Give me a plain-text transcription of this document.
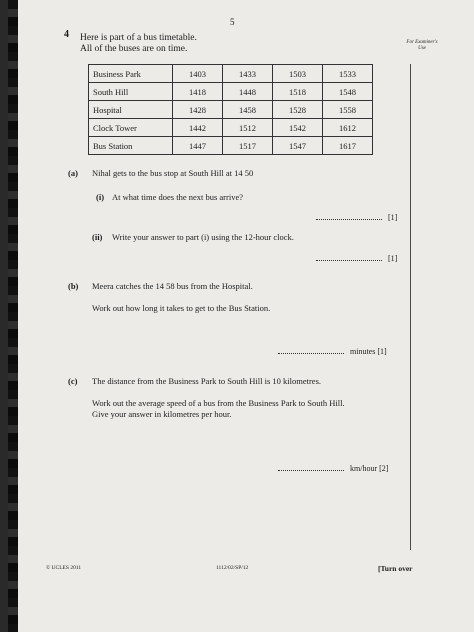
5
4 Here is part of a bus timetable.
All of the buses are on time.
For Examiner's Use
Business Park	1403	1433	1503	1533
South Hill	1418	1448	1518	1548
Hospital	1428	1458	1528	1558
Clock Tower	1442	1512	1542	1612
Bus Station	1447	1517	1547	1617
(a) Nihal gets to the bus stop at South Hill at 14 50
(i) At what time does the next bus arrive?
[1]
(ii) Write your answer to part (i) using the 12-hour clock.
[1]
(b) Meera catches the 14 58 bus from the Hospital.
Work out how long it takes to get to the Bus Station.
minutes [1]
(c) The distance from the Business Park to South Hill is 10 kilometres.
Work out the average speed of a bus from the Business Park to South Hill.
Give your answer in kilometres per hour.
km/hour [2]
© UCLES 2011	1112/02/SP/12	[Turn over
